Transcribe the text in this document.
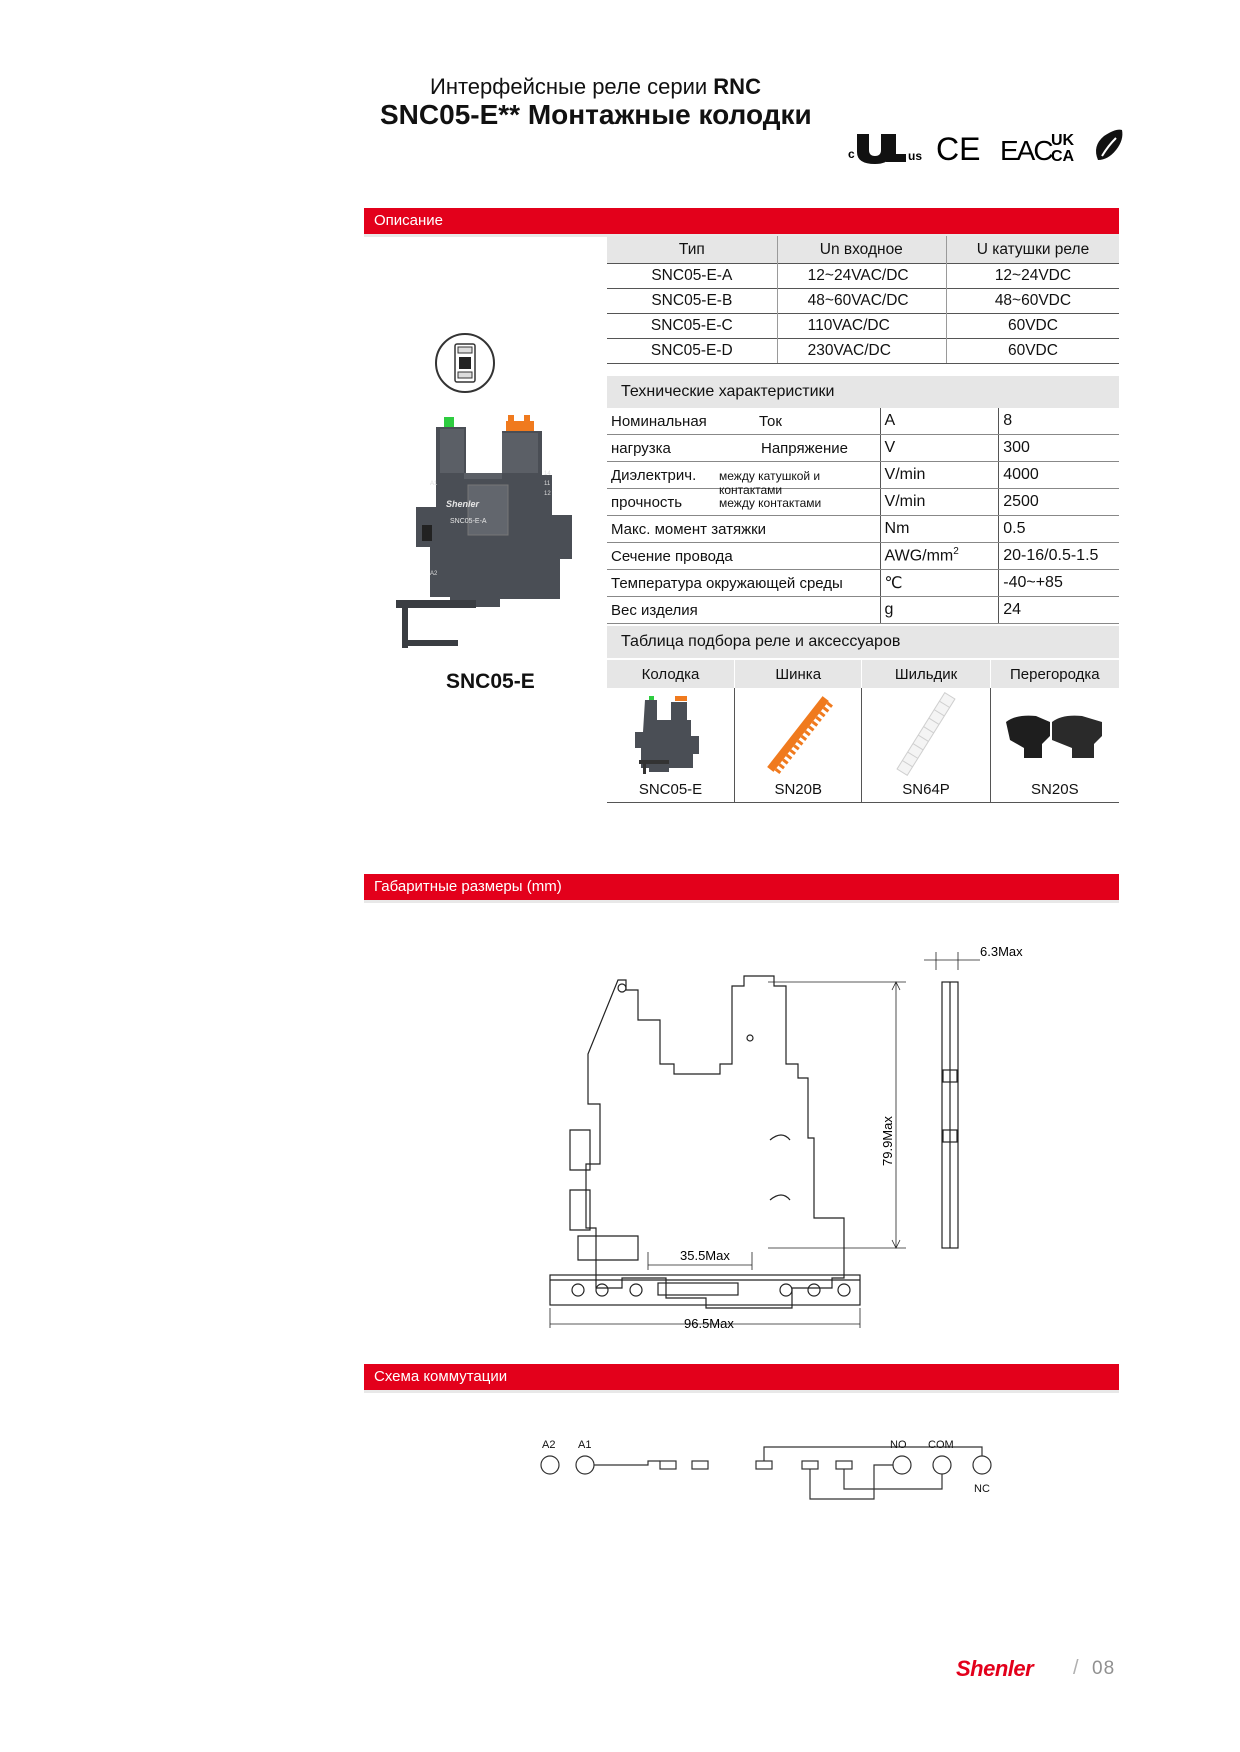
Интерфейсные реле серии RNC
SNC05-E** Монтажные колодки
c	us CE EAC UK
CA
Описание
Shenler
SNC05-E-A
A1
A2
14
11
12
SNC05-E
Тип	Un входное	U катушки реле
SNC05-E-A	12~24VAC/DC	12~24VDC
SNC05-E-B	48~60VAC/DC	48~60VDC
SNC05-E-C	110VAC/DC	60VDC
SNC05-E-D	230VAC/DC	60VDC
Технические характеристики
Номинальная Ток	A	8

нагрузка Напряжение	V	300

Диэлектрич. между катушкой и контактами	V/min	4000

прочность между контактами	V/min	2500
Макс. момент затяжки	Nm	0.5
Сечение провода	AWG/$mm^2$	20-16/0.5-1.5
Температура окружающей среды	℃	-40~+85
Вес изделия	g	24
Таблица подбора реле и аксессуаров
Колодка	Шинка	Шильдик	Перегородка

SNC05-E	SN20B	SN64P	SN20S
Габаритные размеры (mm)
6.3Max
79.9Max
35.5Max
96.5Max
Схема коммутации
A2 A1	NO COM
NC
Shenler / 08
